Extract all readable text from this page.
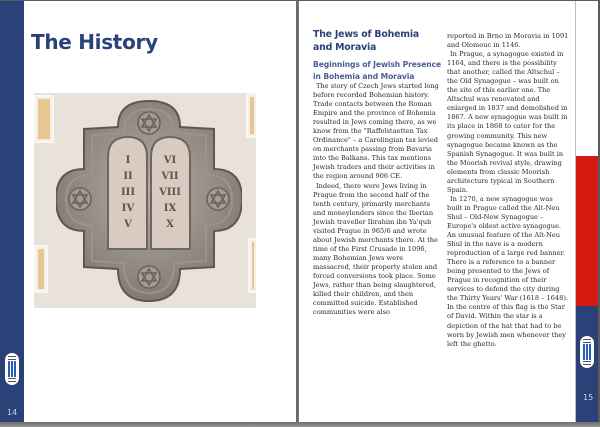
14
The History
I
II
III
IV
V
VI
VII
VIII
IX
X
The Jews of Bohemia and Moravia
Beginnings of Jewish Presence in Bohemia and Moravia

The story of Czech Jews started long before recorded Bohemian history. Trade contacts between the Roman Empire and the province of Bohemia resulted in Jews coming there, as we know from the "Raffelstaetten Tax Ordinance" – a Carolingian tax levied on merchants passing from Bavaria into the Balkans. This tax mentions Jewish traders and their activities in the region around 906 CE.

Indeed, there were Jews living in Prague from the second half of the tenth century, primarily merchants and moneylenders since the Iberian Jewish traveller Ibrahim ibn Ya'qub visited Prague in 965/6 and wrote about Jewish merchants there. At the time of the First Crusade in 1096, many Bohemian Jews were massacred, their property stolen and forced conversions took place. Some Jews, rather than being slaughtered, killed their children, and then committed suicide. Established communities were also

reported in Brno in Moravia in 1091 and Olomouc in 1146.

In Prague, a synagogue existed in 1164, and there is the possibility that another, called the Altschul – the Old Synagogue – was built on the site of this earlier one. The Altschul was renovated and enlarged in 1837 and demolished in 1867. A new synagogue was built in its place in 1868 to cater for the growing community. This new synagogue became known as the Spanish Synagogue. It was built in the Moorish revival style, drawing elements from classic Moorish architecture typical in Southern Spain.

In 1270, a new synagogue was built in Prague called the Alt-Neu Shul – Old-New Synagogue – Europe's oldest active synagogue. An unusual feature of the Alt-Neu Shul in the nave is a modern reproduction of a large red banner. There is a reference to a banner being presented to the Jews of Prague in recognition of their services to defend the city during the Thirty Years' War (1618 – 1648). In the centre of this flag is the Star of David. Within the star is a depiction of the hat that had to be worn by Jewish men whenever they left the ghetto.

15
